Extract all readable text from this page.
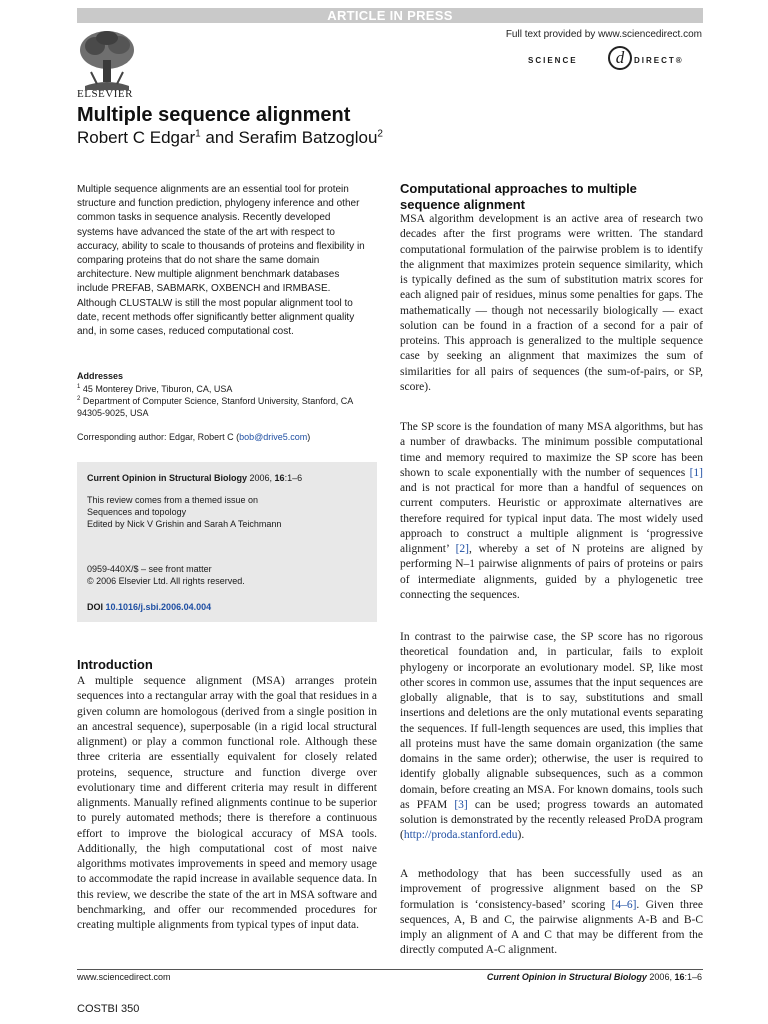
ARTICLE IN PRESS
Full text provided by www.sciencedirect.com
SCIENCE	d	DIRECT®
ELSEVIER
Multiple sequence alignment
Robert C Edgar$^1$ and Serafim Batzoglou$^2$

Multiple sequence alignments are an essential tool for protein structure and function prediction, phylogeny inference and other common tasks in sequence analysis. Recently developed systems have advanced the state of the art with respect to accuracy, ability to scale to thousands of proteins and flexibility in comparing proteins that do not share the same domain architecture. New multiple alignment benchmark databases include PREFAB, SABMARK, OXBENCH and IRMBASE. Although CLUSTALW is still the most popular alignment tool to date, recent methods offer significantly better alignment quality and, in some cases, reduced computational cost.

Addresses

$^1$ 45 Monterey Drive, Tiburon, CA, USA

$^2$ Department of Computer Science, Stanford University, Stanford, CA 94305-9025, USA

Corresponding author: Edgar, Robert C (bob@drive5.com)

Current Opinion in Structural Biology 2006, 16:1–6

This review comes from a themed issue on

Sequences and topology

Edited by Nick V Grishin and Sarah A Teichmann

0959-440X/$ – see front matter

© 2006 Elsevier Ltd. All rights reserved.

DOI 10.1016/j.sbi.2006.04.004

Introduction

A multiple sequence alignment (MSA) arranges protein sequences into a rectangular array with the goal that residues in a given column are homologous (derived from a single position in an ancestral sequence), superposable (in a rigid local structural alignment) or play a common functional role. Although these three criteria are essentially equivalent for closely related proteins, sequence, structure and function diverge over evolutionary time and different criteria may result in different alignments. Manually refined alignments continue to be superior to purely automated methods; there is therefore a continuous effort to improve the biological accuracy of MSA tools. Additionally, the high computational cost of most naive algorithms motivates improvements in speed and memory usage to accommodate the rapid increase in available sequence data. In this review, we describe the state of the art in MSA software and benchmarking, and offer our recommended procedures for creating multiple alignments from typical types of input data.

Computational approaches to multiple
sequence alignment

MSA algorithm development is an active area of research two decades after the first programs were written. The standard computational formulation of the pairwise problem is to identify the alignment that maximizes protein sequence similarity, which is typically defined as the sum of substitution matrix scores for each aligned pair of residues, minus some penalties for gaps. The mathematically — though not necessarily biologically — exact solution can be found in a fraction of a second for a pair of proteins. This approach is generalized to the multiple sequence case by seeking an alignment that maximizes the sum of similarities for all pairs of sequences (the sum-of-pairs, or SP, score).

The SP score is the foundation of many MSA algorithms, but has a number of drawbacks. The minimum possible computational time and memory required to maximize the SP score has been shown to scale exponentially with the number of sequences [1] and is not practical for more than a handful of sequences on current computers. Heuristic or approximate alternatives are therefore required for typical input data. The most widely used approach to construct a multiple alignment is ‘progressive alignment’ [2], whereby a set of N proteins are aligned by performing N–1 pairwise alignments of pairs of proteins or pairs of intermediate alignments, guided by a phylogenetic tree connecting the sequences.

In contrast to the pairwise case, the SP score has no rigorous theoretical foundation and, in particular, fails to exploit phylogeny or incorporate an evolutionary model. SP, like most other scores in common use, assumes that the input sequences are globally alignable, that is to say, substitutions and small insertions and deletions are the only mutational events separating the sequences. If full-length sequences are used, this implies that all proteins must have the same domain organization (the same domains in the same order); otherwise, the user is required to identify globally alignable subsequences, such as a common domain, before creating an MSA. For known domains, tools such as PFAM [3] can be used; progress towards an automated solution is demonstrated by the recently released ProDA program (http://proda.stanford.edu).

A methodology that has been successfully used as an improvement of progressive alignment based on the SP formulation is ‘consistency-based’ scoring [4–6]. Given three sequences, A, B and C, the pairwise alignments A-B and B-C imply an alignment of A and C that may be different from the directly computed A-C alignment.

www.sciencedirect.com	Current Opinion in Structural Biology 2006, 16:1–6
COSTBI 350
